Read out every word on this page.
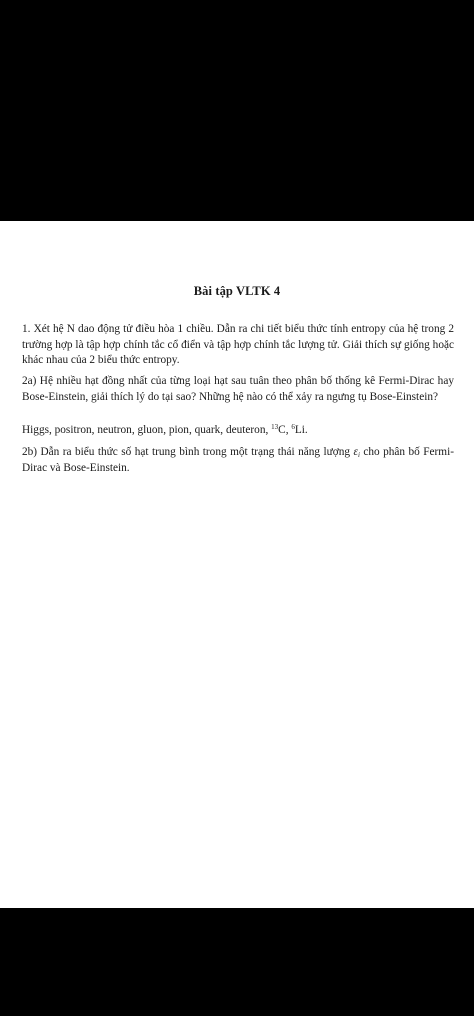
Bài tập VLTK 4

1. Xét hệ N dao động tử điều hòa 1 chiều. Dẫn ra chi tiết biểu thức tính entropy của hệ trong 2 trường hợp là tập hợp chính tắc cổ điển và tập hợp chính tắc lượng tử. Giải thích sự giống hoặc khác nhau của 2 biểu thức entropy.

2a) Hệ nhiều hạt đồng nhất của từng loại hạt sau tuân theo phân bố thống kê Fermi-Dirac hay Bose-Einstein, giải thích lý do tại sao? Những hệ nào có thể xảy ra ngưng tụ Bose-Einstein?

Higgs, positron, neutron, gluon, pion, quark, deuteron, $^{13}$C, $^6$Li.

2b) Dẫn ra biểu thức số hạt trung bình trong một trạng thái năng lượng $\varepsilon_i$ cho phân bố Fermi-Dirac và Bose-Einstein.
